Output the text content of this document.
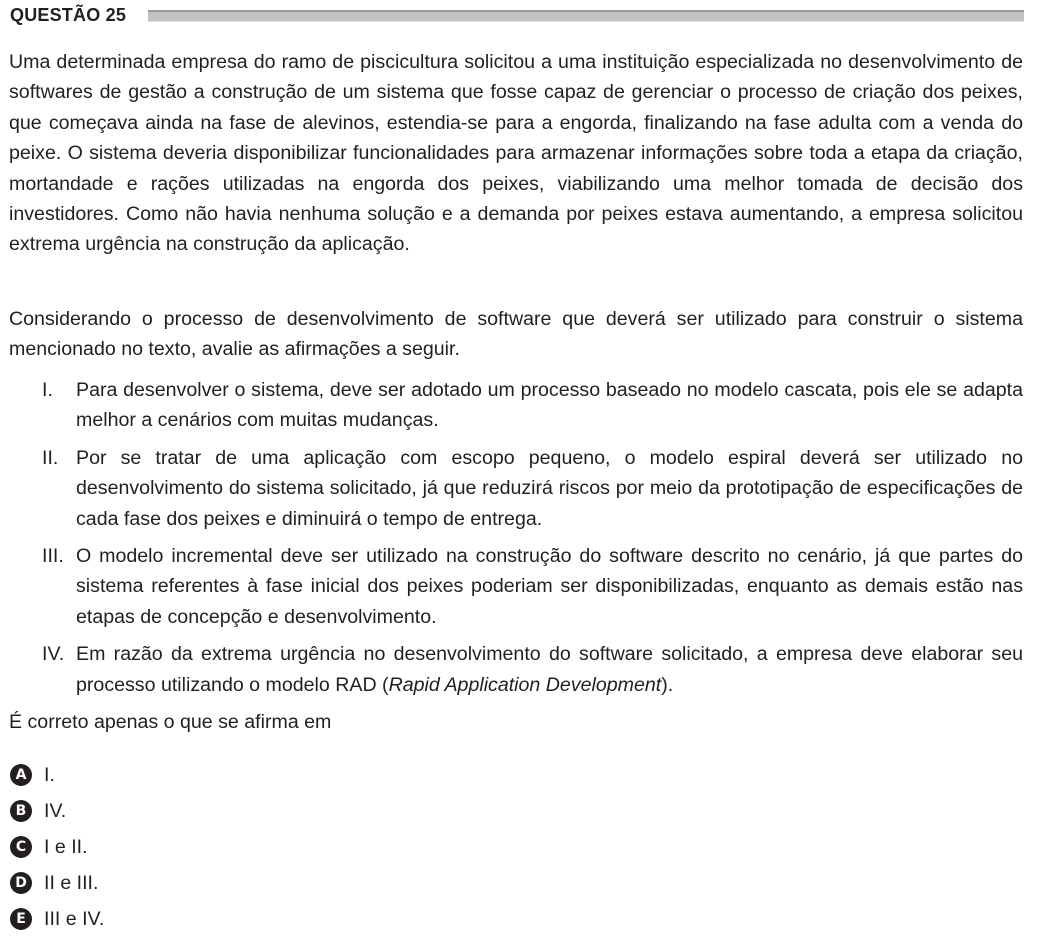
QUESTÃO 25

Uma determinada empresa do ramo de piscicultura solicitou a uma instituição especializada no desenvolvimento de softwares de gestão a construção de um sistema que fosse capaz de gerenciar o processo de criação dos peixes, que começava ainda na fase de alevinos, estendia-se para a engorda, finalizando na fase adulta com a venda do peixe. O sistema deveria disponibilizar funcionalidades para armazenar informações sobre toda a etapa da criação, mortandade e rações utilizadas na engorda dos peixes, viabilizando uma melhor tomada de decisão dos investidores. Como não havia nenhuma solução e a demanda por peixes estava aumentando, a empresa solicitou extrema urgência na construção da aplicação.

Considerando o processo de desenvolvimento de software que deverá ser utilizado para construir o sistema mencionado no texto, avalie as afirmações a seguir.

I. Para desenvolver o sistema, deve ser adotado um processo baseado no modelo cascata, pois ele se adapta melhor a cenários com muitas mudanças.
II. Por se tratar de uma aplicação com escopo pequeno, o modelo espiral deverá ser utilizado no desenvolvimento do sistema solicitado, já que reduzirá riscos por meio da prototipação de especificações de cada fase dos peixes e diminuirá o tempo de entrega.
III. O modelo incremental deve ser utilizado na construção do software descrito no cenário, já que partes do sistema referentes à fase inicial dos peixes poderiam ser disponibilizadas, enquanto as demais estão nas etapas de concepção e desenvolvimento.
IV. Em razão da extrema urgência no desenvolvimento do software solicitado, a empresa deve elaborar seu processo utilizando o modelo RAD (Rapid Application Development).

É correto apenas o que se afirma em

A I.
B IV.
C I e II.
D II e III.
E III e IV.
